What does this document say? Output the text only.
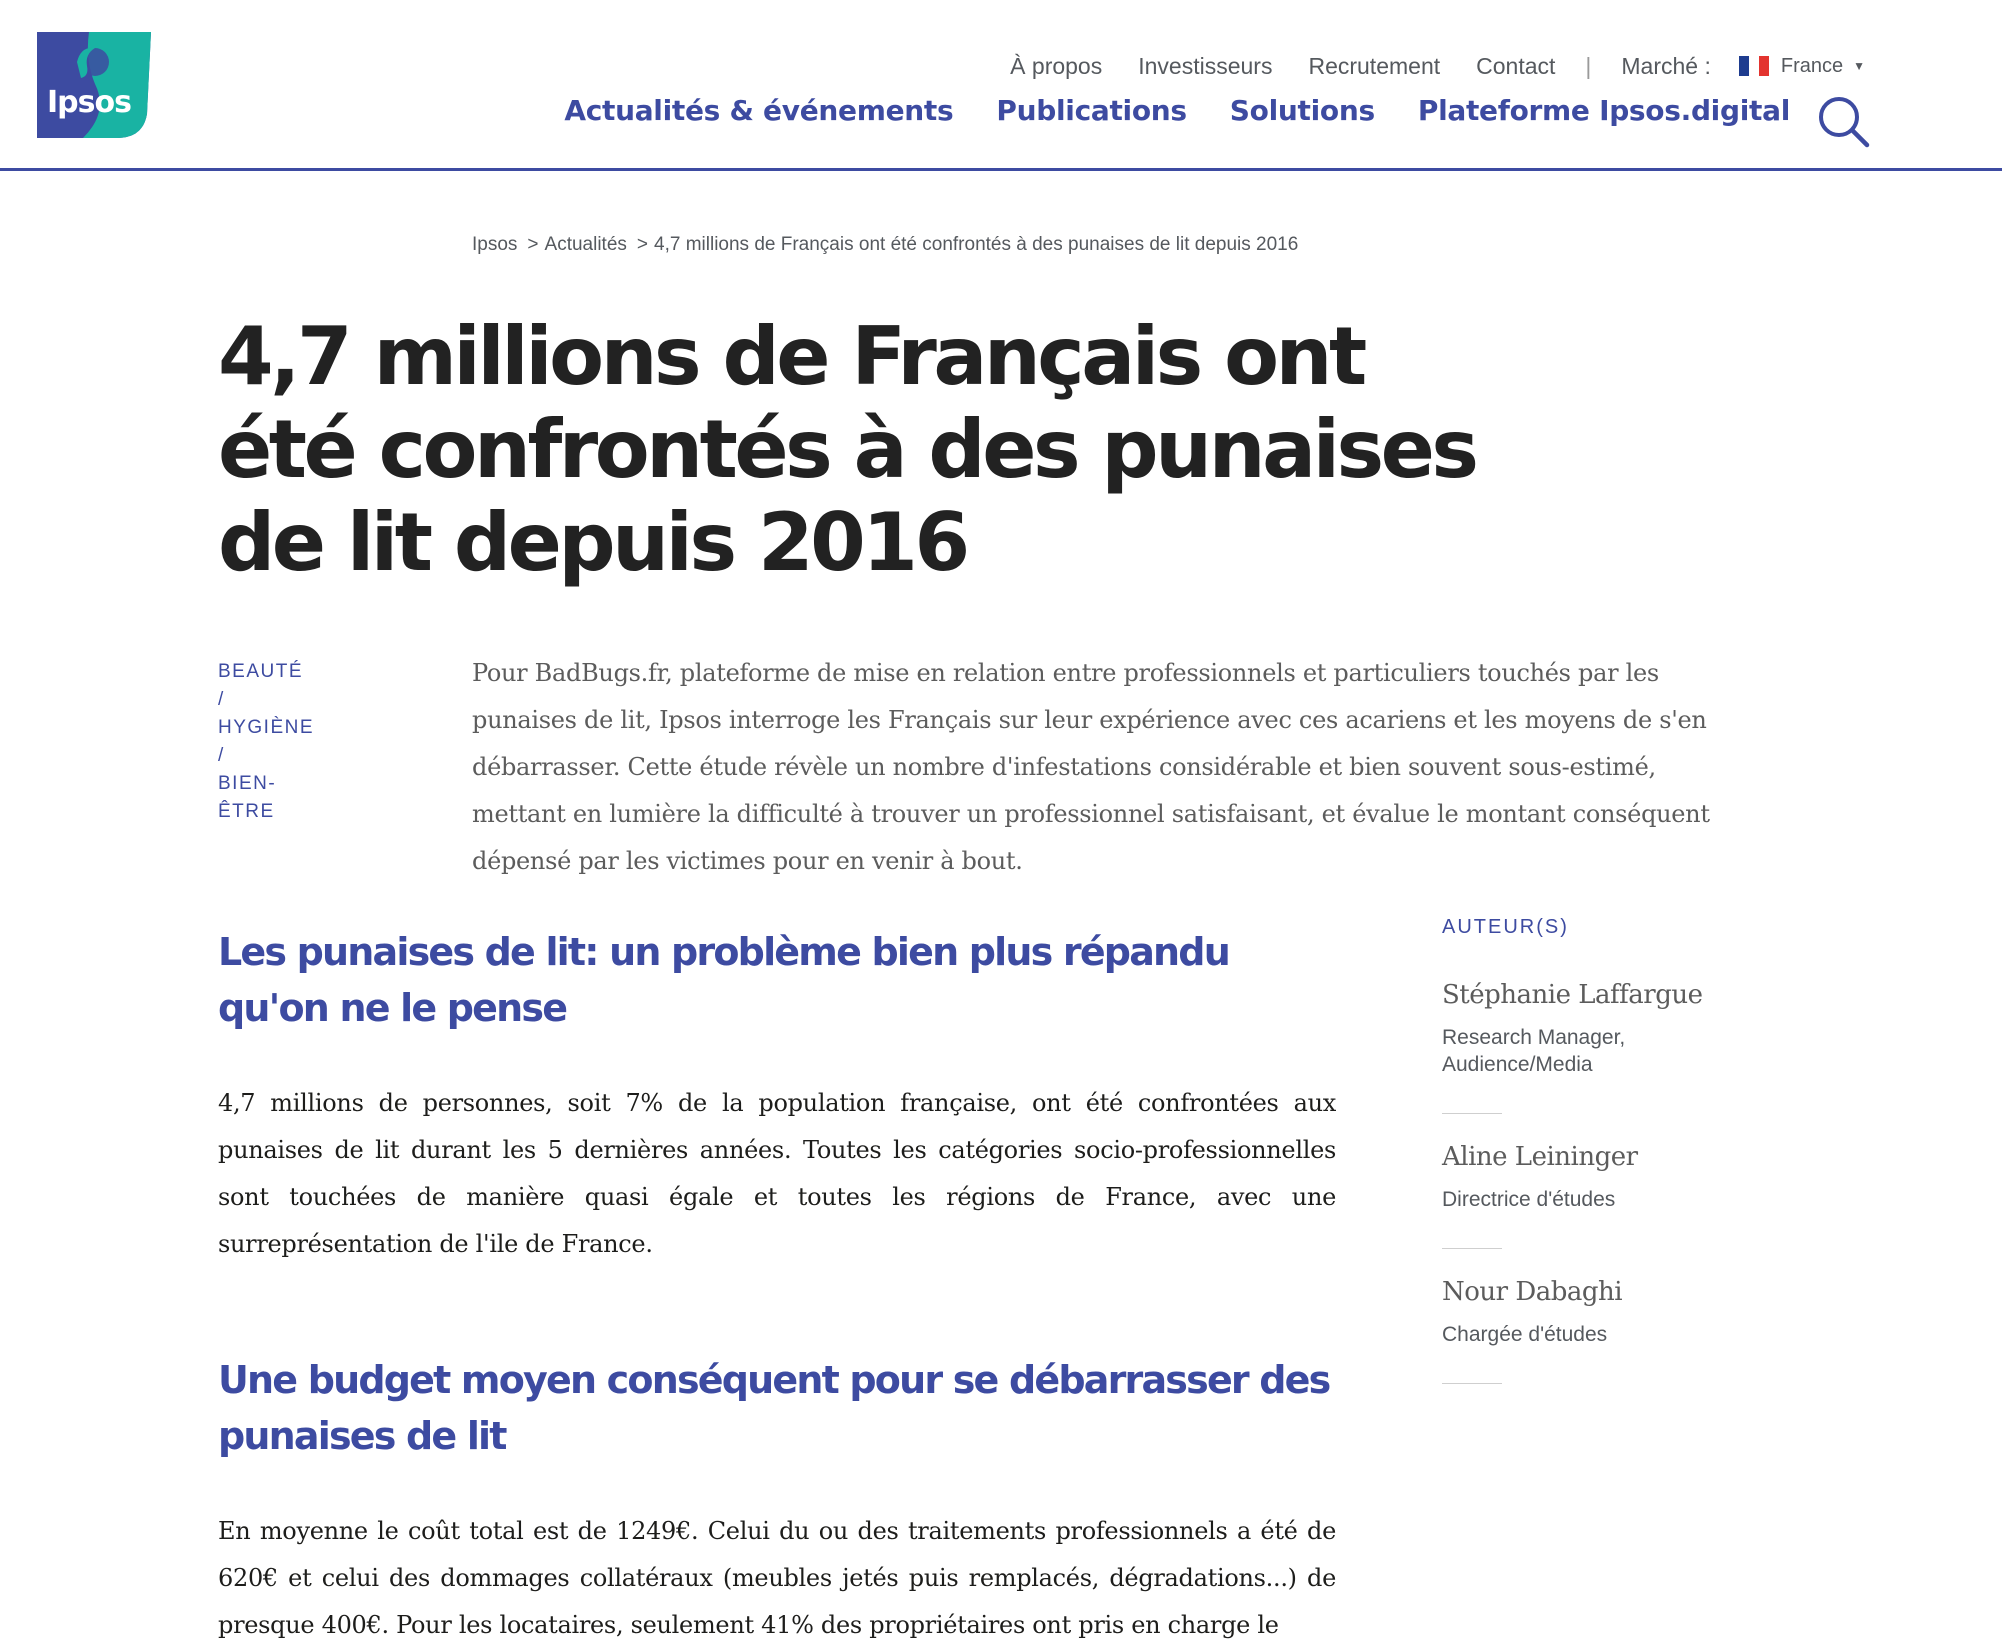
Ipsos
À propos Investisseurs Recrutement Contact | Marché :	France ▼
Actualités & événements Publications Solutions Plateforme Ipsos.digital
Ipsos > Actualités > 4,7 millions de Français ont été confrontés à des punaises de lit depuis 2016
4,7 millions de Français ont été confrontés à des punaises de lit depuis 2016
BEAUTÉ
/
HYGIÈNE
/
BIEN-
ÊTRE

Pour BadBugs.fr, plateforme de mise en relation entre professionnels et particuliers touchés par les punaises de lit, Ipsos interroge les Français sur leur expérience avec ces acariens et les moyens de s'en débarrasser. Cette étude révèle un nombre d'infestations considérable et bien souvent sous-estimé, mettant en lumière la difficulté à trouver un professionnel satisfaisant, et évalue le montant conséquent dépensé par les victimes pour en venir à bout.

Les punaises de lit: un problème bien plus répandu qu'on ne le pense

4,7 millions de personnes, soit 7% de la population française, ont été confrontées aux punaises de lit durant les 5 dernières années. Toutes les catégories socio-professionnelles sont touchées de manière quasi égale et toutes les régions de France, avec une surreprésentation de l'ile de France.

Une budget moyen conséquent pour se débarrasser des punaises de lit

En moyenne le coût total est de 1249€. Celui du ou des traitements professionnels a été de 620€ et celui des dommages collatéraux (meubles jetés puis remplacés, dégradations...) de presque 400€. Pour les locataires, seulement 41% des propriétaires ont pris en charge le

AUTEUR(S)
Stéphanie Laffargue
Research Manager, Audience/Media
Aline Leininger
Directrice d'études
Nour Dabaghi
Chargée d'études
